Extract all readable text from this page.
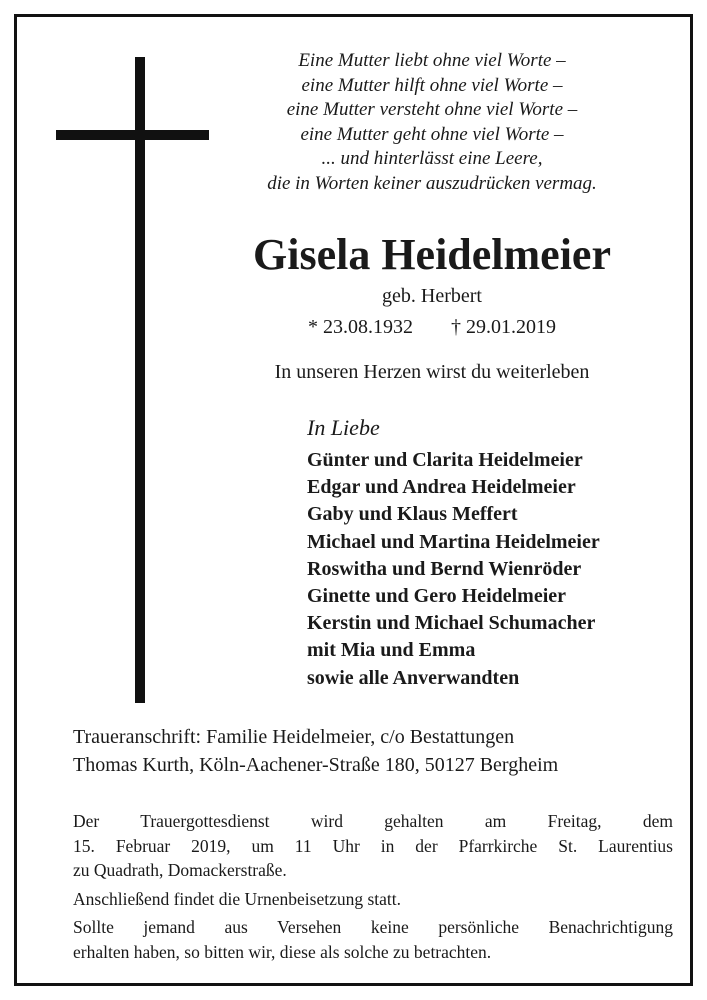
Eine Mutter liebt ohne viel Worte –
eine Mutter hilft ohne viel Worte –
eine Mutter versteht ohne viel Worte –
eine Mutter geht ohne viel Worte –
... und hinterlässt eine Leere,
die in Worten keiner auszudrücken vermag.
Gisela Heidelmeier
geb. Herbert
* 23.08.1932 † 29.01.2019
In unseren Herzen wirst du weiterleben
In Liebe
Günter und Clarita Heidelmeier
Edgar und Andrea Heidelmeier
Gaby und Klaus Meffert
Michael und Martina Heidelmeier
Roswitha und Bernd Wienröder
Ginette und Gero Heidelmeier
Kerstin und Michael Schumacher
mit Mia und Emma
sowie alle Anverwandten
Traueranschrift: Familie Heidelmeier, c/o Bestattungen
Thomas Kurth, Köln-Aachener-Straße 180, 50127 Bergheim
Der Trauergottesdienst wird gehalten am Freitag, dem
15. Februar 2019, um 11 Uhr in der Pfarrkirche St. Laurentius
zu Quadrath, Domackerstraße.
Anschließend findet die Urnenbeisetzung statt.
Sollte jemand aus Versehen keine persönliche Benachrichtigung
erhalten haben, so bitten wir, diese als solche zu betrachten.
